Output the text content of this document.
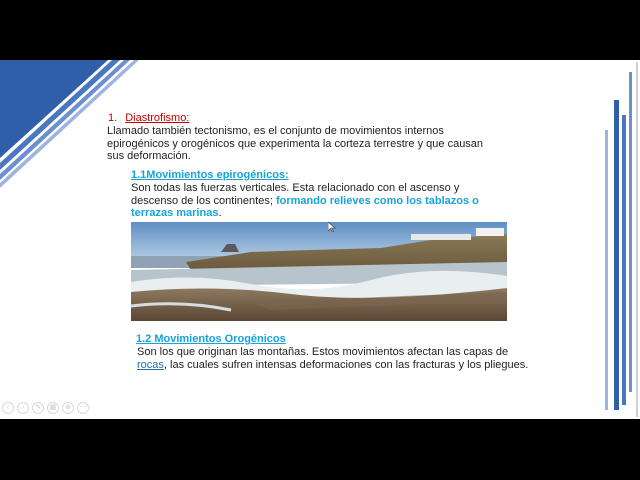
1. Diastrofismo:
Llamado también tectonismo, es el conjunto de movimientos internos epirogénicos y orogénicos que experimenta la corteza terrestre y que causan sus deformación.
1.1Movimientos epirogénicos:
Son todas las fuerzas verticales. Esta relacionado con el ascenso y descenso de los continentes; formando relieves como los tablazos o terrazas marinas.
1.2 Movimientos Orogénicos
Son los que originan las montañas. Estos movimientos afectan las capas de rocas, las cuales sufren intensas deformaciones con las fracturas y los pliegues.
‹	›	✎	▦	⊕	⋯
